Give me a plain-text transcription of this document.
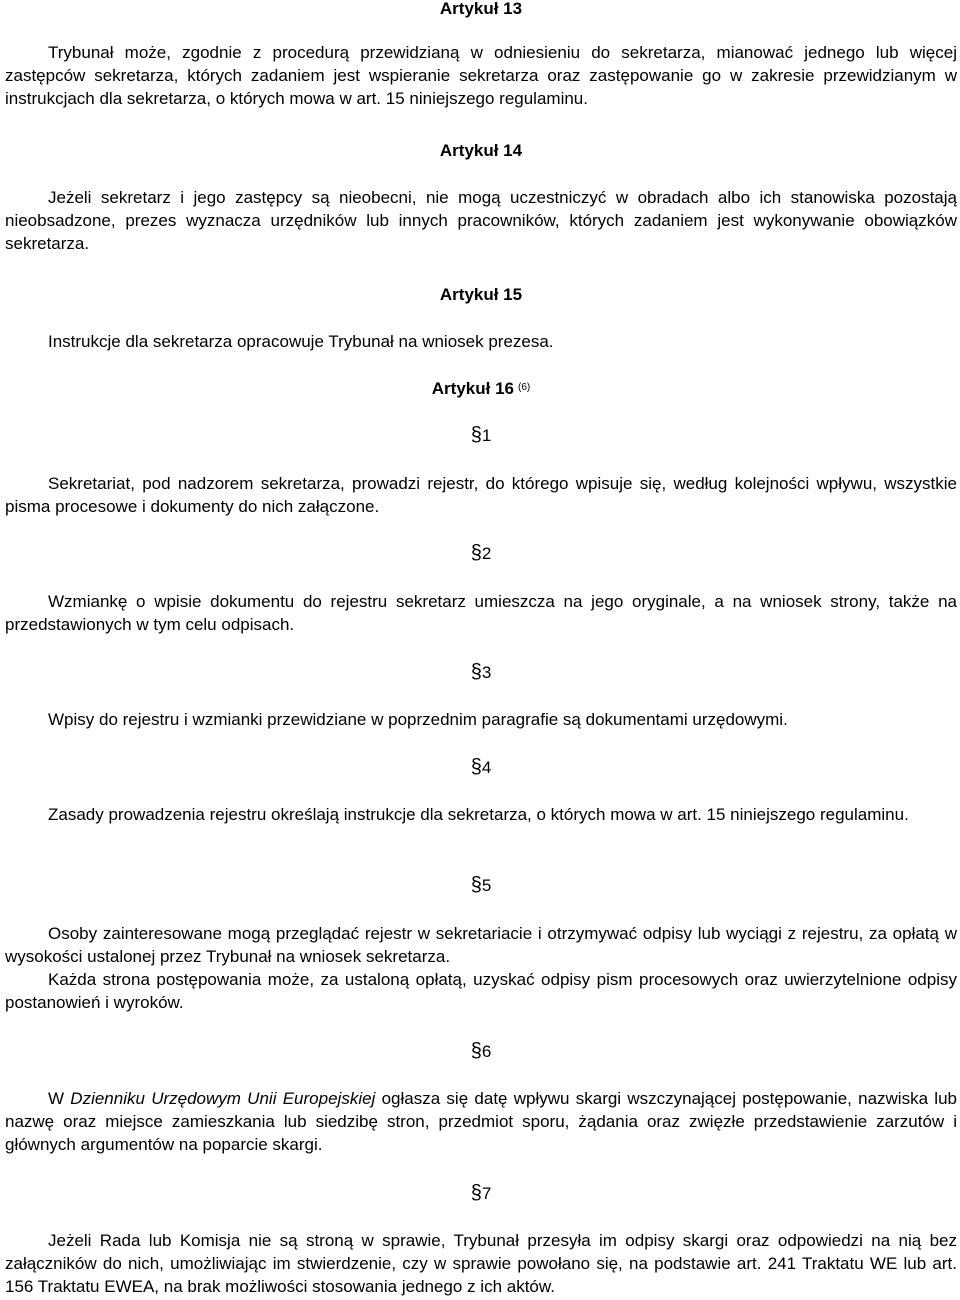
Artykuł 13

Trybunał może, zgodnie z procedurą przewidzianą w odniesieniu do sekretarza, mianować jednego lub więcej zastępców sekretarza, których zadaniem jest wspieranie sekretarza oraz zastępowanie go w zakresie przewidzianym w instrukcjach dla sekretarza, o których mowa w art. 15 niniejszego regulaminu.

Artykuł 14

Jeżeli sekretarz i jego zastępcy są nieobecni, nie mogą uczestniczyć w obradach albo ich stanowiska pozostają nieobsadzone, prezes wyznacza urzędników lub innych pracowników, których zadaniem jest wykonywanie obowiązków sekretarza.

Artykuł 15

Instrukcje dla sekretarza opracowuje Trybunał na wniosek prezesa.

Artykuł 16 $^{(6)}$
§1

Sekretariat, pod nadzorem sekretarza, prowadzi rejestr, do którego wpisuje się, według kolejności wpływu, wszystkie pisma procesowe i dokumenty do nich załączone.

§2

Wzmiankę o wpisie dokumentu do rejestru sekretarz umieszcza na jego oryginale, a na wniosek strony, także na przedstawionych w tym celu odpisach.

§3

Wpisy do rejestru i wzmianki przewidziane w poprzednim paragrafie są dokumentami urzędowymi.

§4

Zasady prowadzenia rejestru określają instrukcje dla sekretarza, o których mowa w art. 15 niniejszego regulaminu.

§5

Osoby zainteresowane mogą przeglądać rejestr w sekretariacie i otrzymywać odpisy lub wyciągi z rejestru, za opłatą w wysokości ustalonej przez Trybunał na wniosek sekretarza.

Każda strona postępowania może, za ustaloną opłatą, uzyskać odpisy pism procesowych oraz uwierzytelnione odpisy postanowień i wyroków.

§6

W Dzienniku Urzędowym Unii Europejskiej ogłasza się datę wpływu skargi wszczynającej postępowanie, nazwiska lub nazwę oraz miejsce zamieszkania lub siedzibę stron, przedmiot sporu, żądania oraz zwięzłe przedstawienie zarzutów i głównych argumentów na poparcie skargi.

§7

Jeżeli Rada lub Komisja nie są stroną w sprawie, Trybunał przesyła im odpisy skargi oraz odpowiedzi na nią bez załączników do nich, umożliwiając im stwierdzenie, czy w sprawie powołano się, na podstawie art. 241 Traktatu WE lub art. 156 Traktatu EWEA, na brak możliwości stosowania jednego z ich aktów.
